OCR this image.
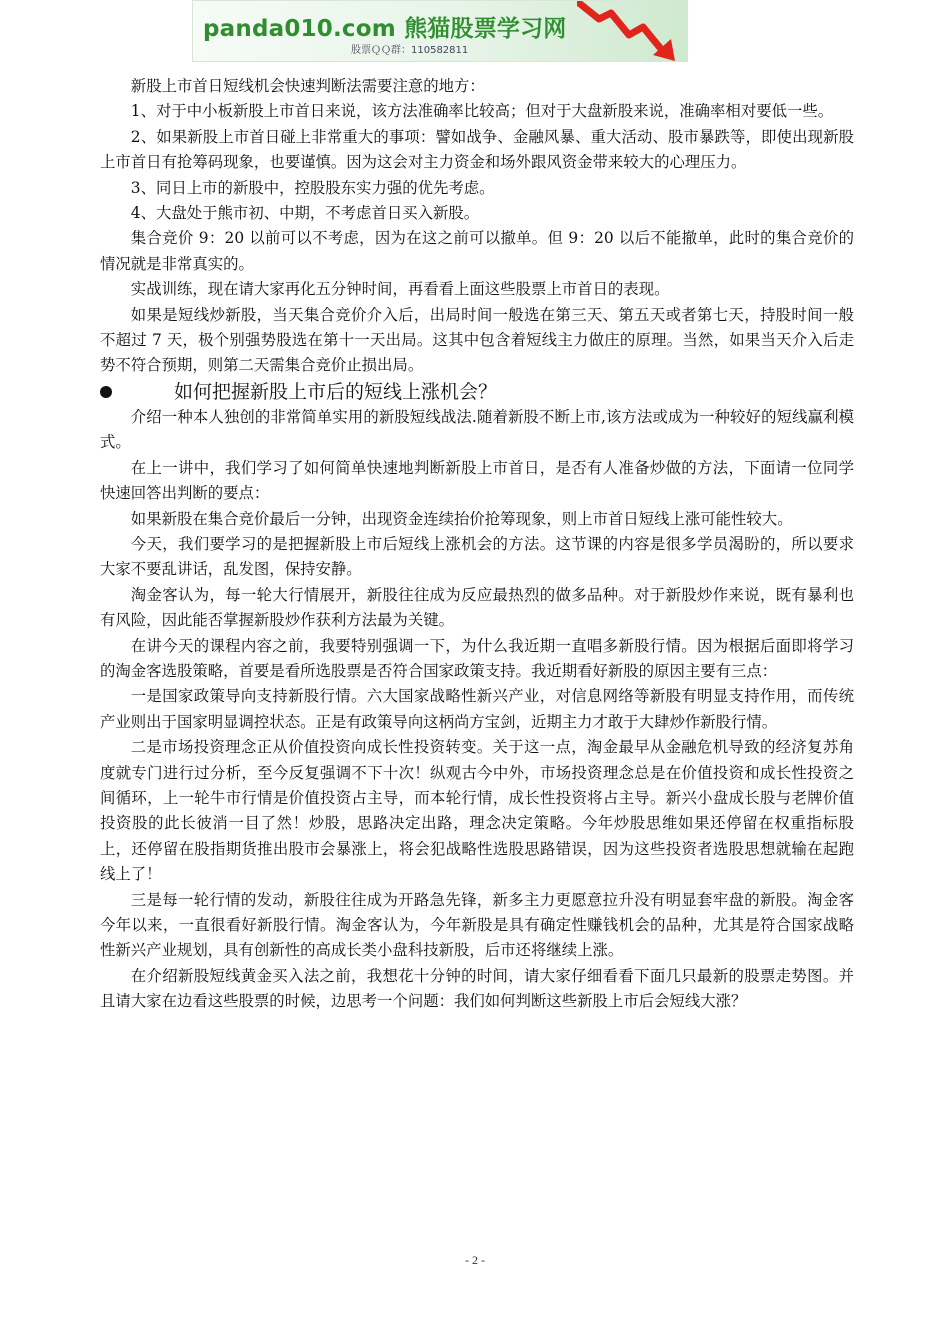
panda010.com 熊猫股票学习网
股票ＱＱ群：110582811

新股上市首日短线机会快速判断法需要注意的地方：

1、对于中小板新股上市首日来说，该方法准确率比较高；但对于大盘新股来说，准确率相对要低一些。

2、如果新股上市首日碰上非常重大的事项：譬如战争、金融风暴、重大活动、股市暴跌等，即使出现新股上市首日有抢筹码现象，也要谨慎。因为这会对主力资金和场外跟风资金带来较大的心理压力。

3、同日上市的新股中，控股股东实力强的优先考虑。

4、大盘处于熊市初、中期，不考虑首日买入新股。

集合竞价 9：20 以前可以不考虑，因为在这之前可以撤单。但 9：20 以后不能撤单，此时的集合竞价的情况就是非常真实的。

实战训练，现在请大家再化五分钟时间，再看看上面这些股票上市首日的表现。

如果是短线炒新股，当天集合竞价介入后，出局时间一般选在第三天、第五天或者第七天，持股时间一般不超过 7 天，极个别强势股选在第十一天出局。这其中包含着短线主力做庄的原理。当然，如果当天介入后走势不符合预期，则第二天需集合竞价止损出局。

如何把握新股上市后的短线上涨机会？

介绍一种本人独创的非常简单实用的新股短线战法.随着新股不断上市,该方法或成为一种较好的短线赢利模式。

在上一讲中，我们学习了如何简单快速地判断新股上市首日，是否有人准备炒做的方法，下面请一位同学快速回答出判断的要点：

如果新股在集合竞价最后一分钟，出现资金连续抬价抢筹现象，则上市首日短线上涨可能性较大。

今天，我们要学习的是把握新股上市后短线上涨机会的方法。这节课的内容是很多学员渴盼的，所以要求大家不要乱讲话，乱发图，保持安静。

淘金客认为，每一轮大行情展开，新股往往成为反应最热烈的做多品种。对于新股炒作来说，既有暴利也有风险，因此能否掌握新股炒作获利方法最为关键。

在讲今天的课程内容之前，我要特别强调一下，为什么我近期一直唱多新股行情。因为根据后面即将学习的淘金客选股策略，首要是看所选股票是否符合国家政策支持。我近期看好新股的原因主要有三点：

一是国家政策导向支持新股行情。六大国家战略性新兴产业，对信息网络等新股有明显支持作用，而传统产业则出于国家明显调控状态。正是有政策导向这柄尚方宝剑，近期主力才敢于大肆炒作新股行情。

二是市场投资理念正从价值投资向成长性投资转变。关于这一点，淘金最早从金融危机导致的经济复苏角度就专门进行过分析，至今反复强调不下十次！纵观古今中外，市场投资理念总是在价值投资和成长性投资之间循环，上一轮牛市行情是价值投资占主导，而本轮行情，成长性投资将占主导。新兴小盘成长股与老牌价值投资股的此长彼消一目了然！炒股，思路决定出路，理念决定策略。今年炒股思维如果还停留在权重指标股上，还停留在股指期货推出股市会暴涨上，将会犯战略性选股思路错误，因为这些投资者选股思想就输在起跑线上了！

三是每一轮行情的发动，新股往往成为开路急先锋，新多主力更愿意拉升没有明显套牢盘的新股。淘金客今年以来，一直很看好新股行情。淘金客认为，今年新股是具有确定性赚钱机会的品种，尤其是符合国家战略性新兴产业规划，具有创新性的高成长类小盘科技新股，后市还将继续上涨。

在介绍新股短线黄金买入法之前，我想花十分钟的时间，请大家仔细看看下面几只最新的股票走势图。并且请大家在边看这些股票的时候，边思考一个问题：我们如何判断这些新股上市后会短线大涨？

- 2 -
